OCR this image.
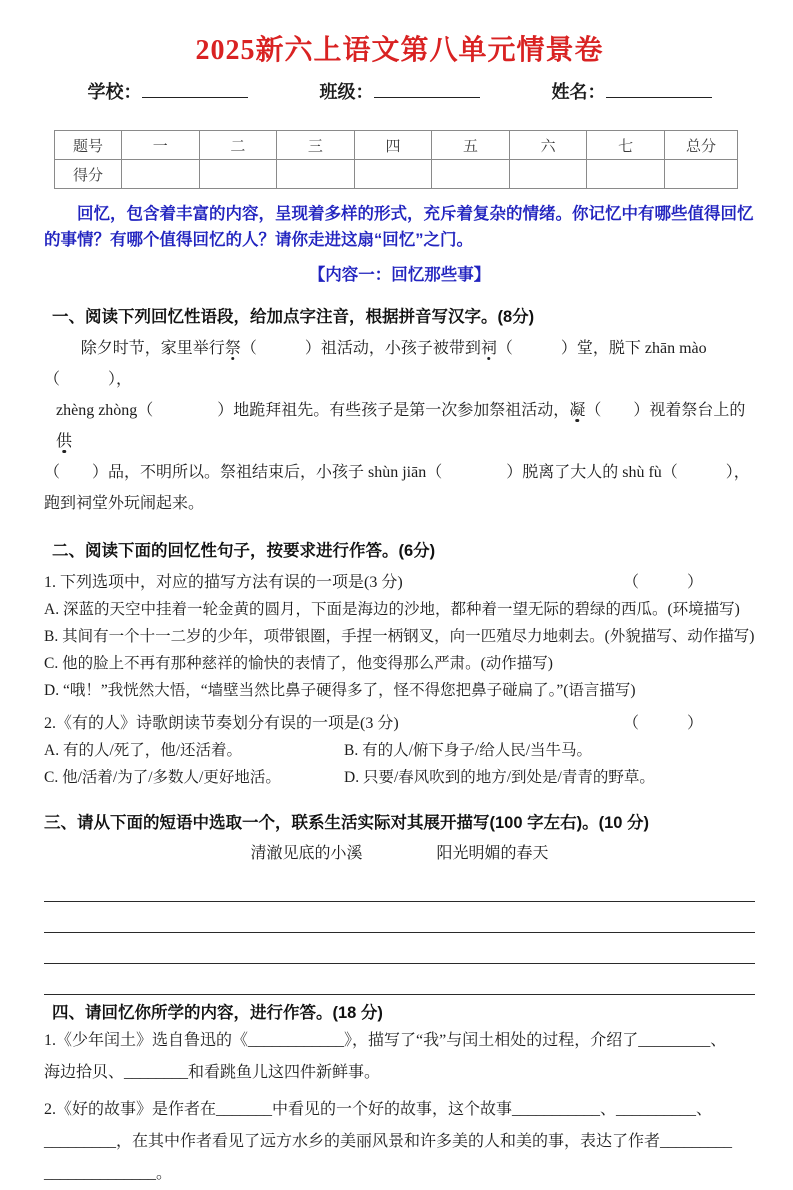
2025新六上语文第八单元情景卷
学校：	班级：	姓名：
题号	一	二	三	四	五	六	七	总分
得分								

回忆，包含着丰富的内容，呈现着多样的形式，充斥着复杂的情绪。你记忆中有哪些值得回忆的事情？有哪个值得回忆的人？请你走进这扇“回忆”之门。

【内容一：回忆那些事】
一、阅读下列回忆性语段，给加点字注音，根据拼音写汉字。(8分)
除夕时节，家里举行祭（　　　）祖活动，小孩子被带到祠（　　　）堂，脱下 zhān mào（　　　），
zhèng zhòng（　　　　）地跪拜祖先。有些孩子是第一次参加祭祖活动，凝（　　）视着祭台上的供
（　　）品，不明所以。祭祖结束后，小孩子 shùn jiān（　　　　）脱离了大人的 shù fù（　　　），
跑到祠堂外玩闹起来。
二、阅读下面的回忆性句子，按要求进行作答。(6分)
1. 下列选项中，对应的描写方法有误的一项是(3 分)	（　　　）
A. 深蓝的天空中挂着一轮金黄的圆月，下面是海边的沙地，都种着一望无际的碧绿的西瓜。(环境描写)
B. 其间有一个十一二岁的少年，项带银圈，手捏一柄钢叉，向一匹殖尽力地刺去。(外貌描写、动作描写)
C. 他的脸上不再有那种慈祥的愉快的表情了，他变得那么严肃。(动作描写)
D. “哦！”我恍然大悟，“墙壁当然比鼻子硬得多了，怪不得您把鼻子碰扁了。”(语言描写)
2.《有的人》诗歌朗读节奏划分有误的一项是(3 分)	（　　　）
A. 有的人/死了，他/还活着。	B. 有的人/俯下身子/给人民/当牛马。
C. 他/活着/为了/多数人/更好地活。	D. 只要/春风吹到的地方/到处是/青青的野草。
三、请从下面的短语中选取一个，联系生活实际对其展开描写(100 字左右)。(10 分)
清澈见底的小溪	阳光明媚的春天
四、请回忆你所学的内容，进行作答。(18 分)
1.《少年闰土》选自鲁迅的《____________》，描写了“我”与闰土相处的过程，介绍了_________、
海边拾贝、________和看跳鱼儿这四件新鲜事。
2.《好的故事》是作者在_______中看见的一个好的故事，这个故事___________、__________、
_________，在其中作者看见了远方水乡的美丽风景和许多美的人和美的事，表达了作者_________
______________。
